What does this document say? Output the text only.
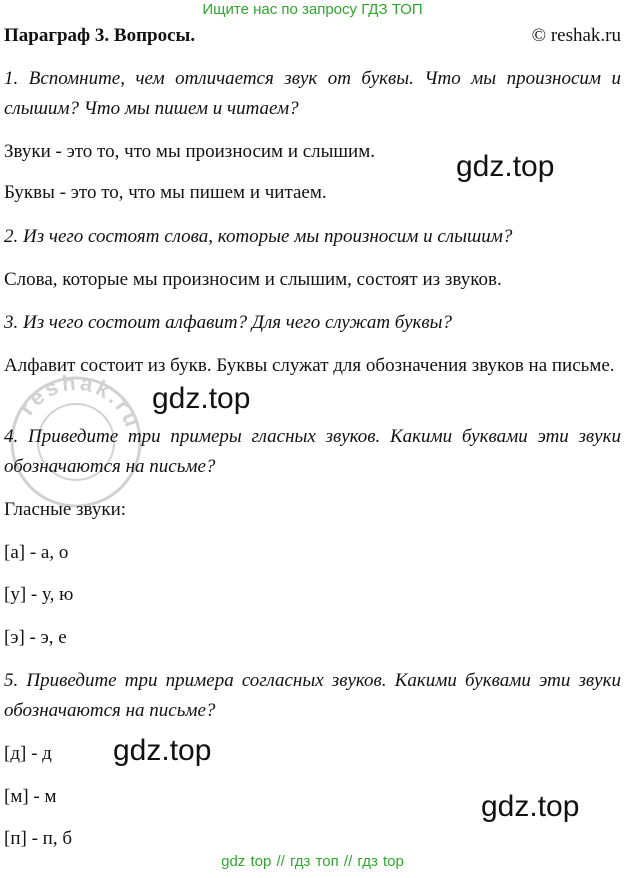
Ищите нас по запросу ГДЗ ТОП
Параграф 3. Вопросы.	© reshak.ru
1. Вспомните, чем отличается звук от буквы. Что мы произносим и слышим? Что мы пишем и читаем?
Звуки - это то, что мы произносим и слышим.
Буквы - это то, что мы пишем и читаем.
2. Из чего состоят слова, которые мы произносим и слышим?
Слова, которые мы произносим и слышим, состоят из звуков.
3. Из чего состоит алфавит? Для чего служат буквы?
Алфавит состоит из букв. Буквы служат для обозначения звуков на письме.
4. Приведите три примеры гласных звуков. Какими буквами эти звуки обозначаются на письме?
Гласные звуки:
[а] - а, о
[у] - у, ю
[э] - э, е
5. Приведите три примера согласных звуков. Какими буквами эти звуки обозначаются на письме?
[д] - д
[м] - м
[п] - п, б
gdz.top
gdz.top
gdz.top
gdz.top
reshak.ru
gdz top // гдз топ // гдз top
